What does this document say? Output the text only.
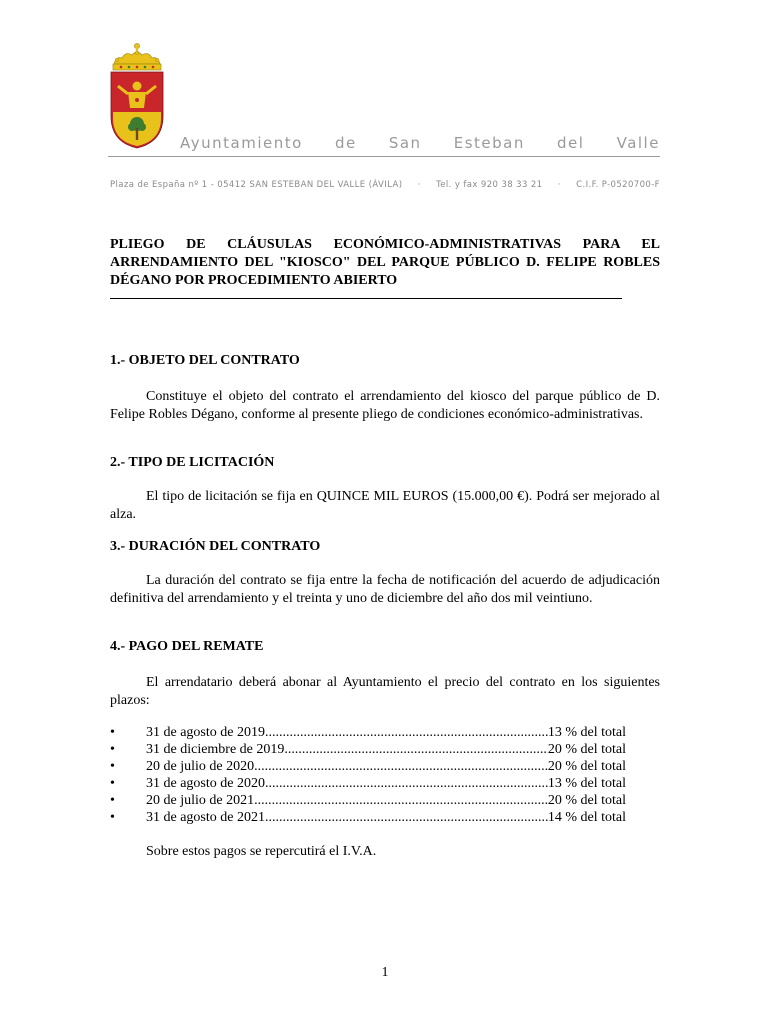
Ayuntamiento de San Esteban del Valle
Plaza de España nº 1 - 05412 SAN ESTEBAN DEL VALLE (ÁVILA) · Tel. y fax 920 38 33 21 · C.I.F. P-0520700-F
PLIEGO DE CLÁUSULAS ECONÓMICO-ADMINISTRATIVAS PARA EL ARRENDAMIENTO DEL "KIOSCO" DEL PARQUE PÚBLICO D. FELIPE ROBLES DÉGANO POR PROCEDIMIENTO ABIERTO
1.- OBJETO DEL CONTRATO
Constituye el objeto del contrato el arrendamiento del kiosco del parque público de D. Felipe Robles Dégano, conforme al presente pliego de condiciones económico-administrativas.
2.- TIPO DE LICITACIÓN
El tipo de licitación se fija en QUINCE MIL EUROS (15.000,00 €). Podrá ser mejorado al alza.
3.- DURACIÓN DEL CONTRATO
La duración del contrato se fija entre la fecha de notificación del acuerdo de adjudicación definitiva del arrendamiento y el treinta y uno de diciembre del año dos mil veintiuno.
4.- PAGO DEL REMATE
El arrendatario deberá abonar al Ayuntamiento el precio del contrato en los siguientes plazos:
•	31 de agosto de 2019 .....	13 % del total
•	31 de diciembre de 2019 .....	20 % del total
•	20 de julio de 2020 .....	20 % del total
•	31 de agosto de 2020 .....	13 % del total
•	20 de julio de 2021 .....	20 % del total
•	31 de agosto de 2021 .....	14 % del total
Sobre estos pagos se repercutirá el I.V.A.
1
